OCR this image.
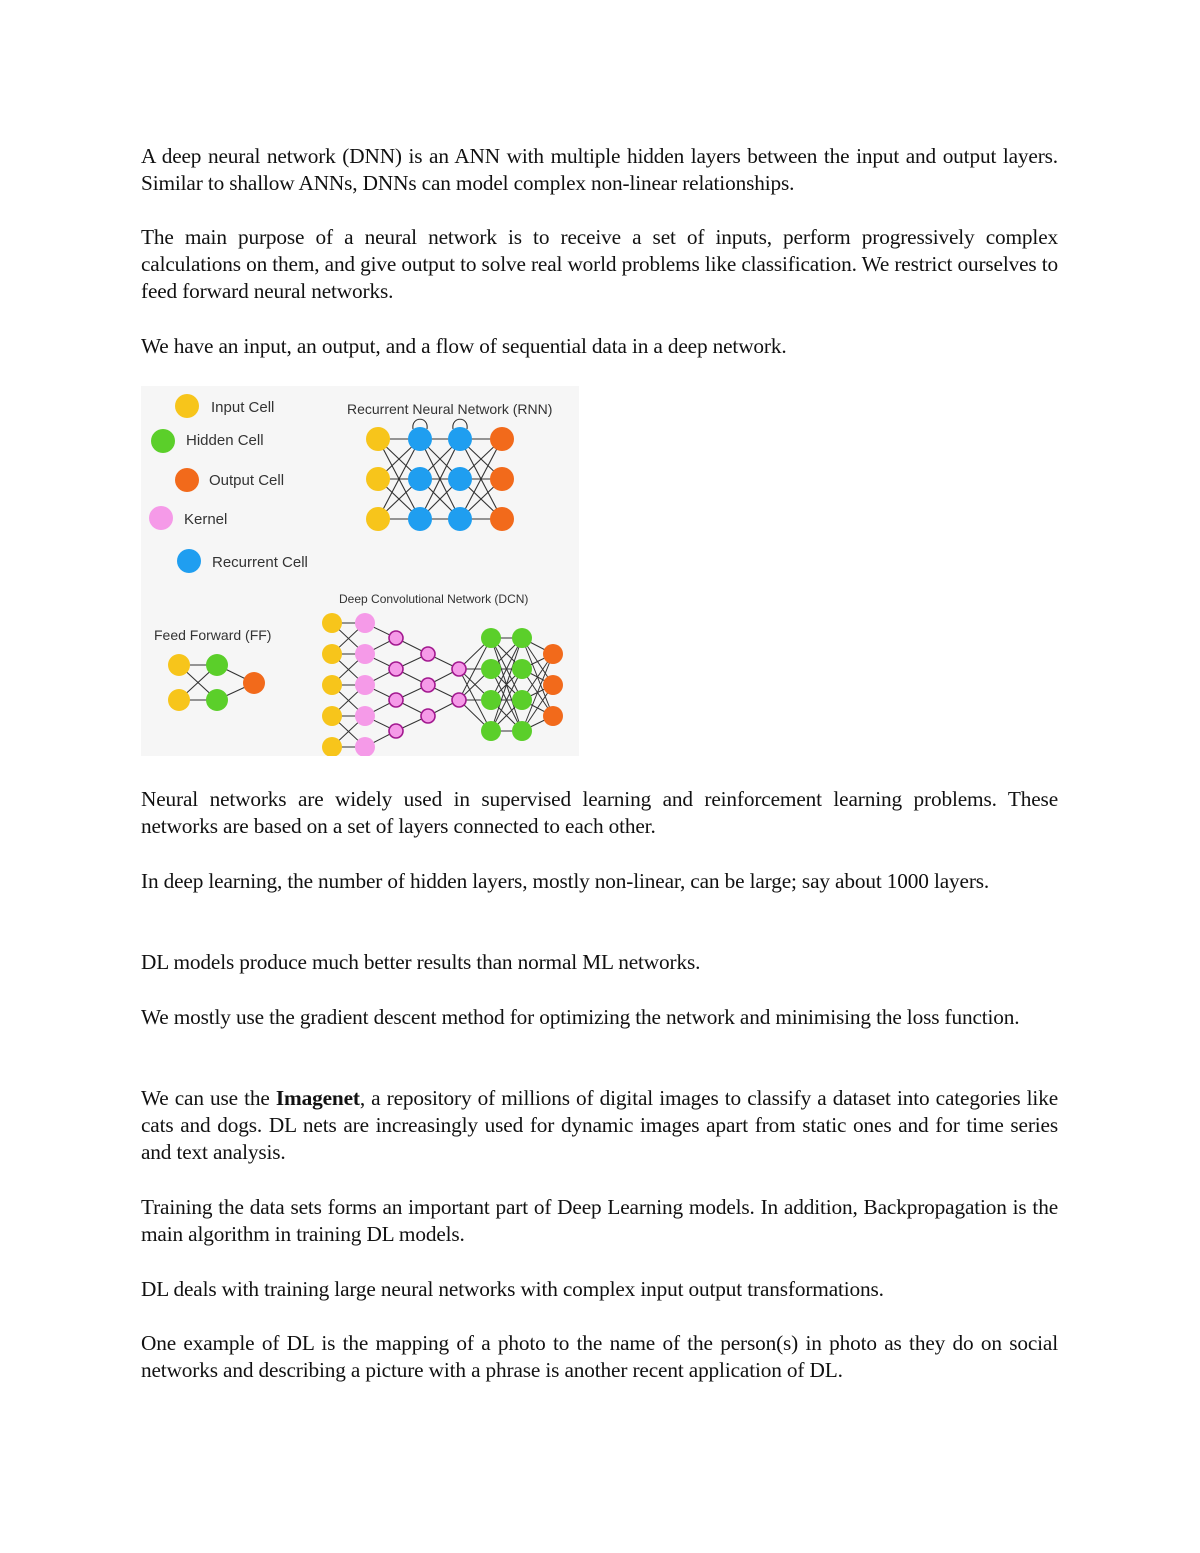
A deep neural network (DNN) is an ANN with multiple hidden layers between the input and output layers. Similar to shallow ANNs, DNNs can model complex non-linear relationships.

The main purpose of a neural network is to receive a set of inputs, perform progressively complex calculations on them, and give output to solve real world problems like classification. We restrict ourselves to feed forward neural networks.

We have an input, an output, and a flow of sequential data in a deep network.

Input Cell
Hidden Cell
Output Cell
Kernel
Recurrent Cell
Recurrent Neural Network (RNN)
Feed Forward (FF)
Deep Convolutional Network (DCN)

Neural networks are widely used in supervised learning and reinforcement learning problems. These networks are based on a set of layers connected to each other.

In deep learning, the number of hidden layers, mostly non-linear, can be large; say about 1000 layers.

DL models produce much better results than normal ML networks.

We mostly use the gradient descent method for optimizing the network and minimising the loss function.

We can use the Imagenet, a repository of millions of digital images to classify a dataset into categories like cats and dogs. DL nets are increasingly used for dynamic images apart from static ones and for time series and text analysis.

Training the data sets forms an important part of Deep Learning models. In addition, Backpropagation is the main algorithm in training DL models.

DL deals with training large neural networks with complex input output transformations.

One example of DL is the mapping of a photo to the name of the person(s) in photo as they do on social networks and describing a picture with a phrase is another recent application of DL.
